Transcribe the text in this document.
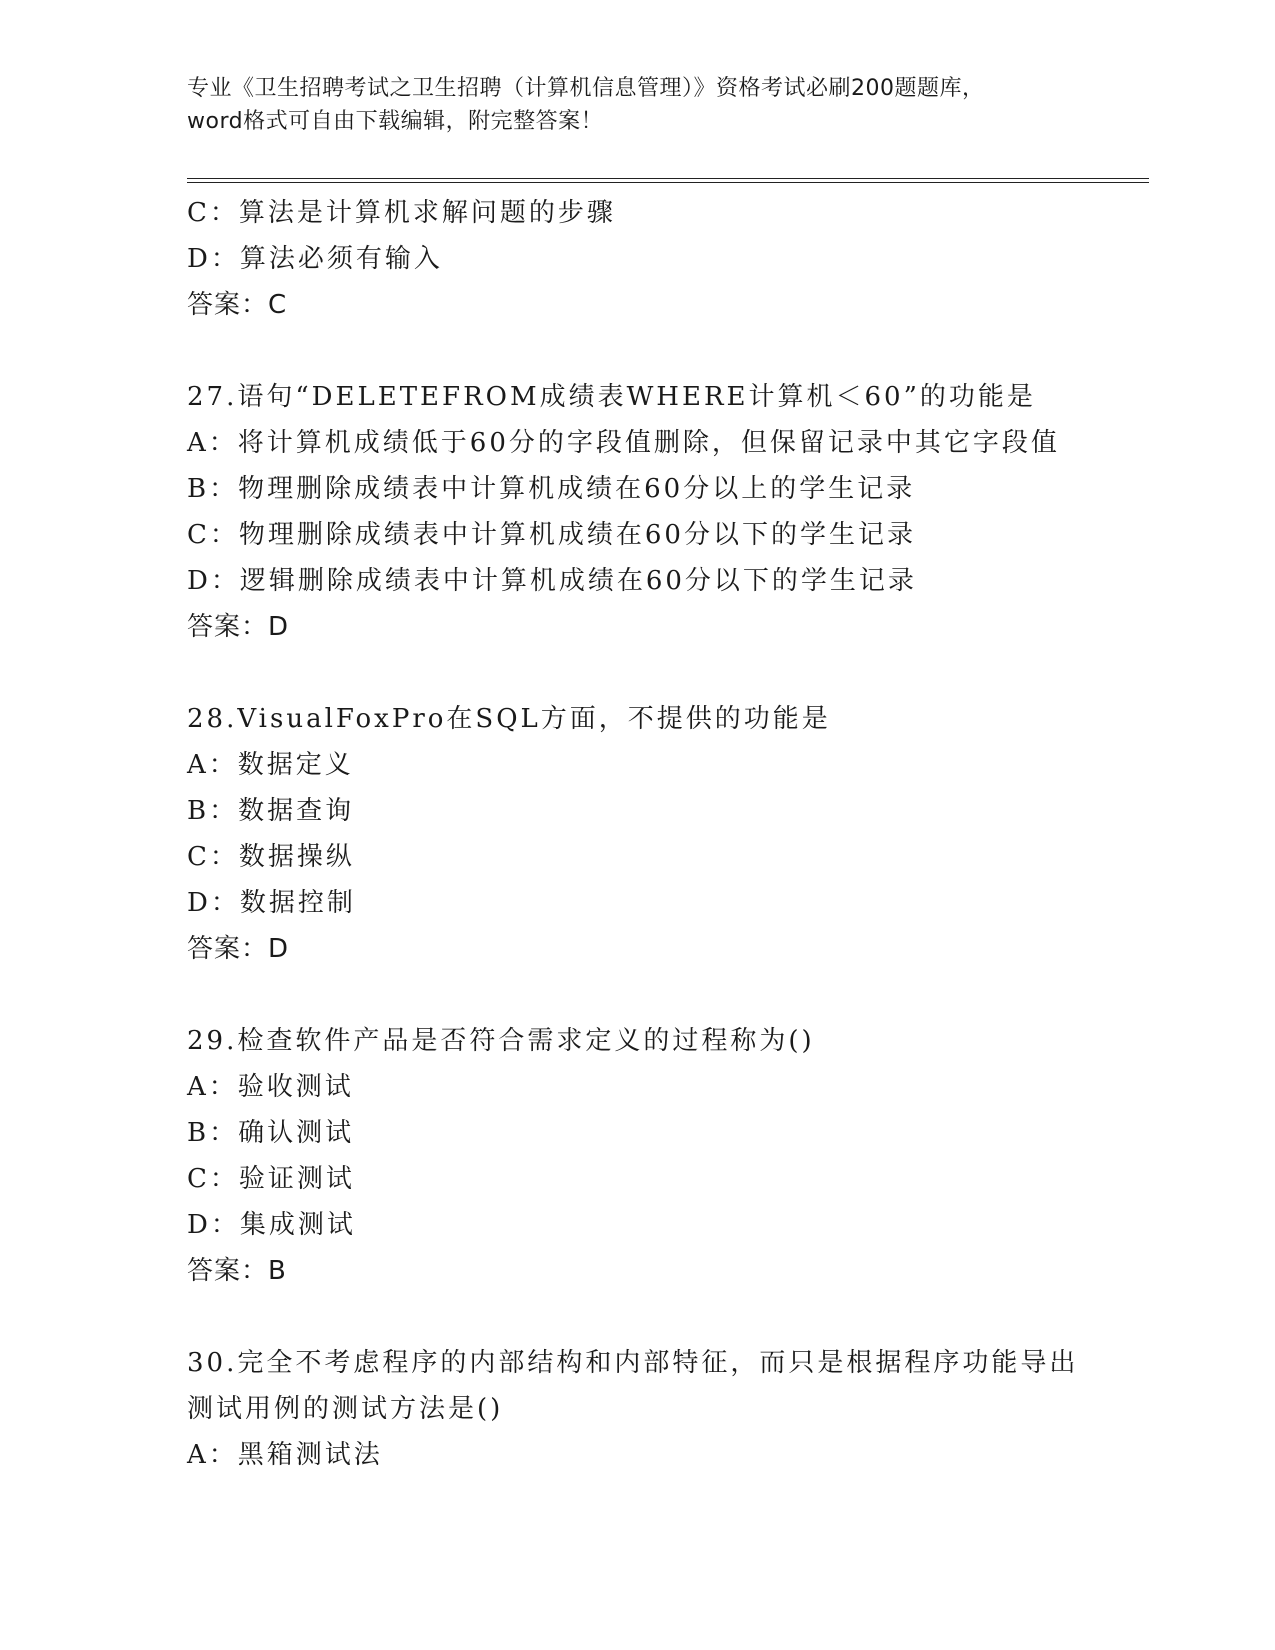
专业《卫生招聘考试之卫生招聘（计算机信息管理）》资格考试必刷200题题库，
word格式可自由下载编辑，附完整答案！
C：算法是计算机求解问题的步骤
D：算法必须有输入
答案：C
27.语句“DELETEFROM成绩表WHERE计算机＜60”的功能是
A：将计算机成绩低于60分的字段值删除，但保留记录中其它字段值
B：物理删除成绩表中计算机成绩在60分以上的学生记录
C：物理删除成绩表中计算机成绩在60分以下的学生记录
D：逻辑删除成绩表中计算机成绩在60分以下的学生记录
答案：D
28.VisualFoxPro在SQL方面，不提供的功能是
A：数据定义
B：数据查询
C：数据操纵
D：数据控制
答案：D
29.检查软件产品是否符合需求定义的过程称为()
A：验收测试
B：确认测试
C：验证测试
D：集成测试
答案：B
30.完全不考虑程序的内部结构和内部特征，而只是根据程序功能导出
测试用例的测试方法是()
A：黑箱测试法
